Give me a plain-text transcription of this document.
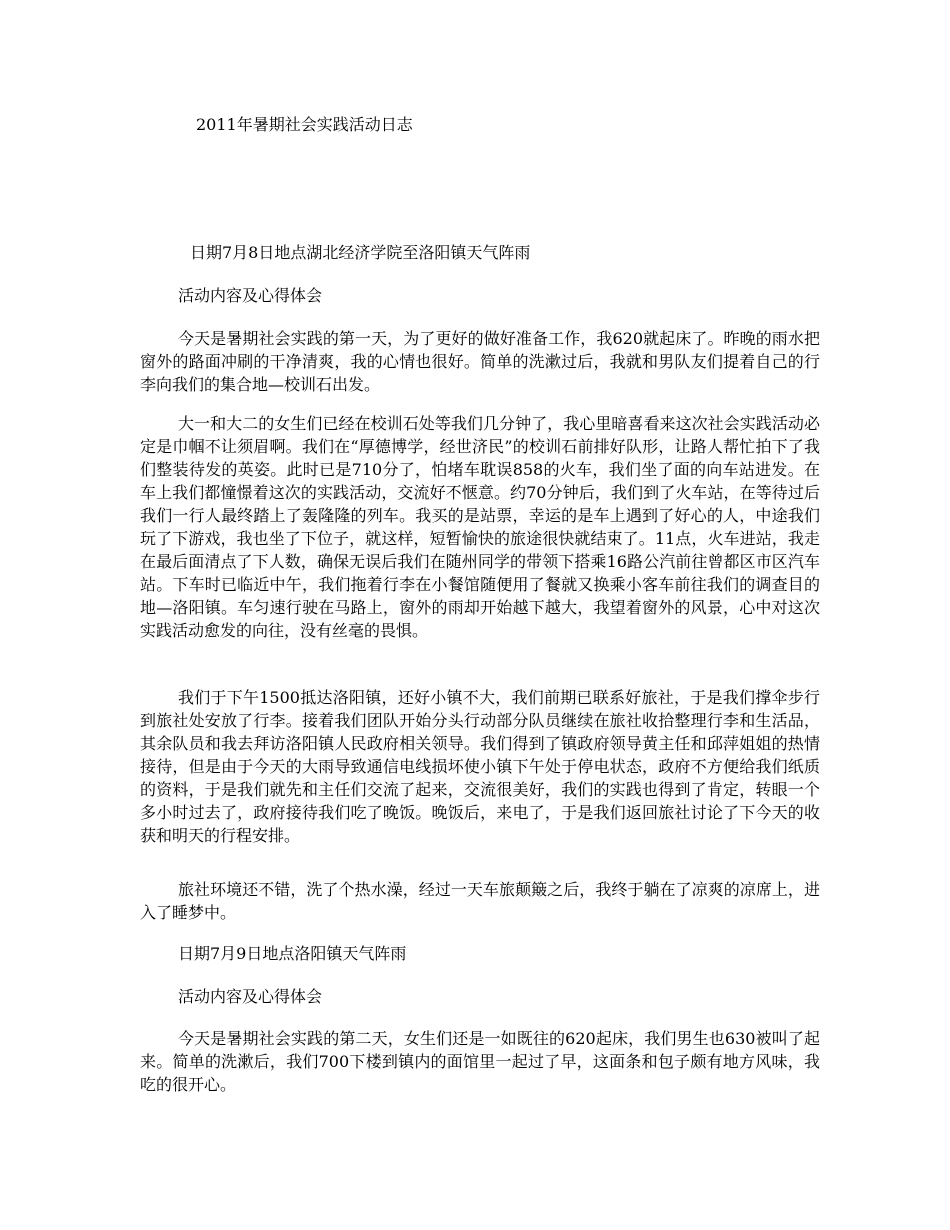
2011年暑期社会实践活动日志
日期7月8日地点湖北经济学院至洛阳镇天气阵雨
活动内容及心得体会

今天是暑期社会实践的第一天，为了更好的做好准备工作，我620就起床了。昨晚的雨水把窗外的路面冲刷的干净清爽，我的心情也很好。简单的洗漱过后，我就和男队友们提着自己的行李向我们的集合地—校训石出发。

大一和大二的女生们已经在校训石处等我们几分钟了，我心里暗喜看来这次社会实践活动必定是巾帼不让须眉啊。我们在“厚德博学，经世济民”的校训石前排好队形，让路人帮忙拍下了我们整装待发的英姿。此时已是710分了，怕堵车耽误858的火车，我们坐了面的向车站进发。在车上我们都憧憬着这次的实践活动，交流好不惬意。约70分钟后，我们到了火车站，在等待过后我们一行人最终踏上了轰隆隆的列车。我买的是站票，幸运的是车上遇到了好心的人，中途我们玩了下游戏，我也坐了下位子，就这样，短暂愉快的旅途很快就结束了。11点，火车进站，我走在最后面清点了下人数，确保无误后我们在随州同学的带领下搭乘16路公汽前往曾都区市区汽车站。下车时已临近中午，我们拖着行李在小餐馆随便用了餐就又换乘小客车前往我们的调查目的地—洛阳镇。车匀速行驶在马路上，窗外的雨却开始越下越大，我望着窗外的风景，心中对这次实践活动愈发的向往，没有丝毫的畏惧。

我们于下午1500抵达洛阳镇，还好小镇不大，我们前期已联系好旅社，于是我们撑伞步行到旅社处安放了行李。接着我们团队开始分头行动部分队员继续在旅社收拾整理行李和生活品，其余队员和我去拜访洛阳镇人民政府相关领导。我们得到了镇政府领导黄主任和邱萍姐姐的热情接待，但是由于今天的大雨导致通信电线损坏使小镇下午处于停电状态，政府不方便给我们纸质的资料，于是我们就先和主任们交流了起来，交流很美好，我们的实践也得到了肯定，转眼一个多小时过去了，政府接待我们吃了晚饭。晚饭后，来电了，于是我们返回旅社讨论了下今天的收获和明天的行程安排。

旅社环境还不错，洗了个热水澡，经过一天车旅颠簸之后，我终于躺在了凉爽的凉席上，进入了睡梦中。

日期7月9日地点洛阳镇天气阵雨
活动内容及心得体会

今天是暑期社会实践的第二天，女生们还是一如既往的620起床，我们男生也630被叫了起来。简单的洗漱后，我们700下楼到镇内的面馆里一起过了早，这面条和包子颇有地方风味，我吃的很开心。
